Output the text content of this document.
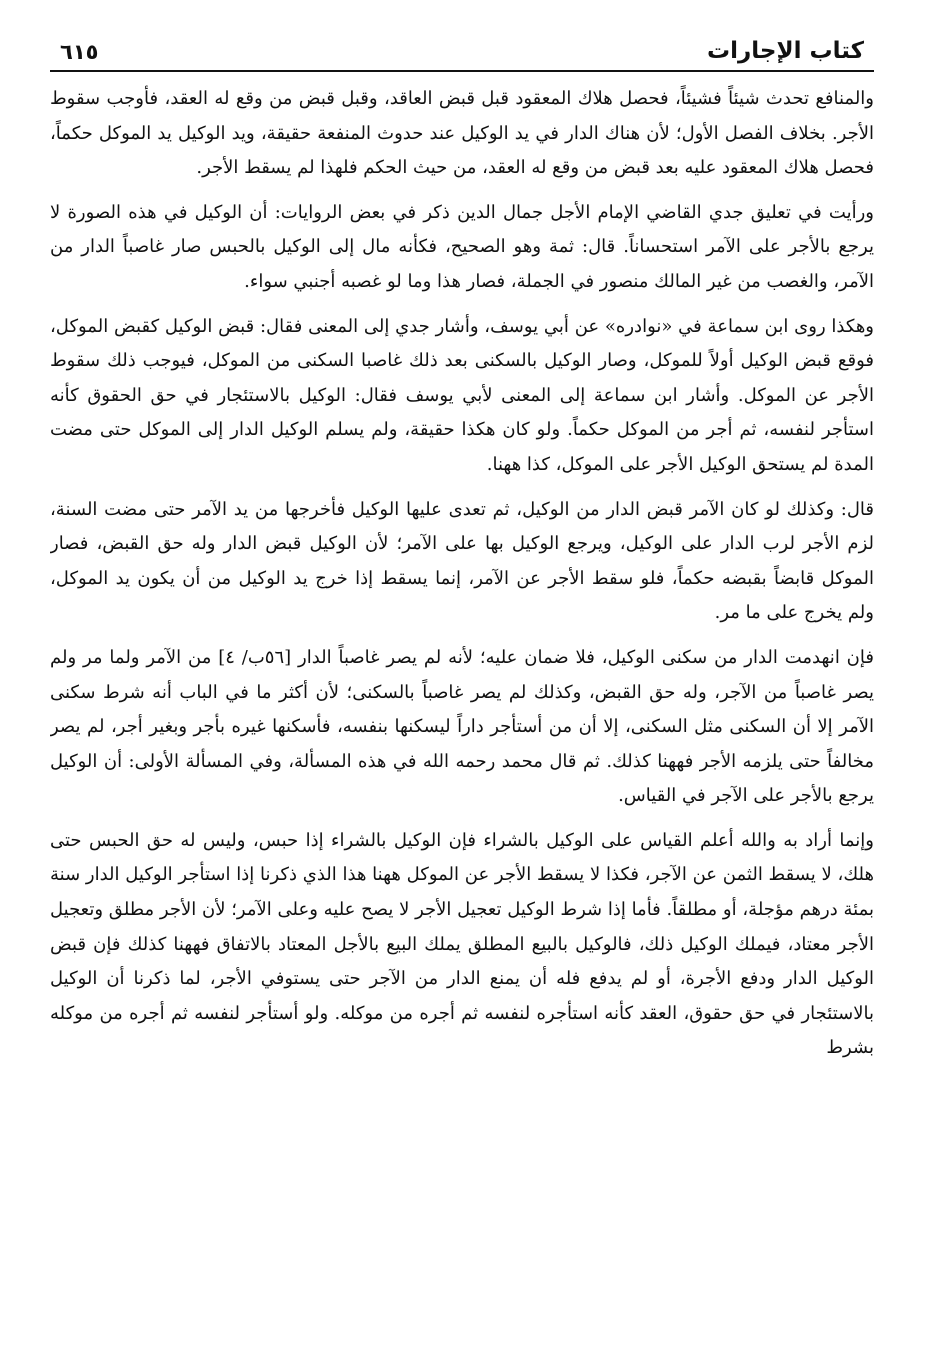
كتاب الإجارات
٦١٥

والمنافع تحدث شيئاً فشيئاً، فحصل هلاك المعقود قبل قبض العاقد، وقبل قبض من وقع له العقد، فأوجب سقوط الأجر. بخلاف الفصل الأول؛ لأن هناك الدار في يد الوكيل عند حدوث المنفعة حقيقة، ويد الوكيل يد الموكل حكماً، فحصل هلاك المعقود عليه بعد قبض من وقع له العقد، من حيث الحكم فلهذا لم يسقط الأجر.

ورأيت في تعليق جدي القاضي الإمام الأجل جمال الدين ذكر في بعض الروايات: أن الوكيل في هذه الصورة لا يرجع بالأجر على الآمر استحساناً. قال: ثمة وهو الصحيح، فكأنه مال إلى الوكيل بالحبس صار غاصباً الدار من الآمر، والغصب من غير المالك منصور في الجملة، فصار هذا وما لو غصبه أجنبي سواء.

وهكذا روى ابن سماعة في «نوادره» عن أبي يوسف، وأشار جدي إلى المعنى فقال: قبض الوكيل كقبض الموكل، فوقع قبض الوكيل أولاً للموكل، وصار الوكيل بالسكنى بعد ذلك غاصبا السكنى من الموكل، فيوجب ذلك سقوط الأجر عن الموكل. وأشار ابن سماعة إلى المعنى لأبي يوسف فقال: الوكيل بالاستئجار في حق الحقوق كأنه استأجر لنفسه، ثم أجر من الموكل حكماً. ولو كان هكذا حقيقة، ولم يسلم الوكيل الدار إلى الموكل حتى مضت المدة لم يستحق الوكيل الأجر على الموكل، كذا ههنا.

قال: وكذلك لو كان الآمر قبض الدار من الوكيل، ثم تعدى عليها الوكيل فأخرجها من يد الآمر حتى مضت السنة، لزم الأجر لرب الدار على الوكيل، ويرجع الوكيل بها على الآمر؛ لأن الوكيل قبض الدار وله حق القبض، فصار الموكل قابضاً بقبضه حكماً، فلو سقط الأجر عن الآمر، إنما يسقط إذا خرج يد الوكيل من أن يكون يد الموكل، ولم يخرج على ما مر.

فإن انهدمت الدار من سكنى الوكيل، فلا ضمان عليه؛ لأنه لم يصر غاصباً الدار [٥٦ب/ ٤] من الآمر ولما مر ولم يصر غاصباً من الآجر، وله حق القبض، وكذلك لم يصر غاصباً بالسكنى؛ لأن أكثر ما في الباب أنه شرط سكنى الآمر إلا أن السكنى مثل السكنى، إلا أن من أستأجر داراً ليسكنها بنفسه، فأسكنها غيره بأجر وبغير أجر، لم يصر مخالفاً حتى يلزمه الأجر فههنا كذلك. ثم قال محمد رحمه الله في هذه المسألة، وفي المسألة الأولى: أن الوكيل يرجع بالأجر على الآجر في القياس.

وإنما أراد به والله أعلم القياس على الوكيل بالشراء فإن الوكيل بالشراء إذا حبس، وليس له حق الحبس حتى هلك، لا يسقط الثمن عن الآجر، فكذا لا يسقط الأجر عن الموكل ههنا هذا الذي ذكرنا إذا استأجر الوكيل الدار سنة بمئة درهم مؤجلة، أو مطلقاً. فأما إذا شرط الوكيل تعجيل الأجر لا يصح عليه وعلى الآمر؛ لأن الأجر مطلق وتعجيل الأجر معتاد، فيملك الوكيل ذلك، فالوكيل بالبيع المطلق يملك البيع بالأجل المعتاد بالاتفاق فههنا كذلك فإن قبض الوكيل الدار ودفع الأجرة، أو لم يدفع فله أن يمنع الدار من الآجر حتى يستوفي الأجر، لما ذكرنا أن الوكيل بالاستئجار في حق حقوق، العقد كأنه استأجره لنفسه ثم أجره من موكله. ولو أستأجر لنفسه ثم أجره من موكله بشرط
